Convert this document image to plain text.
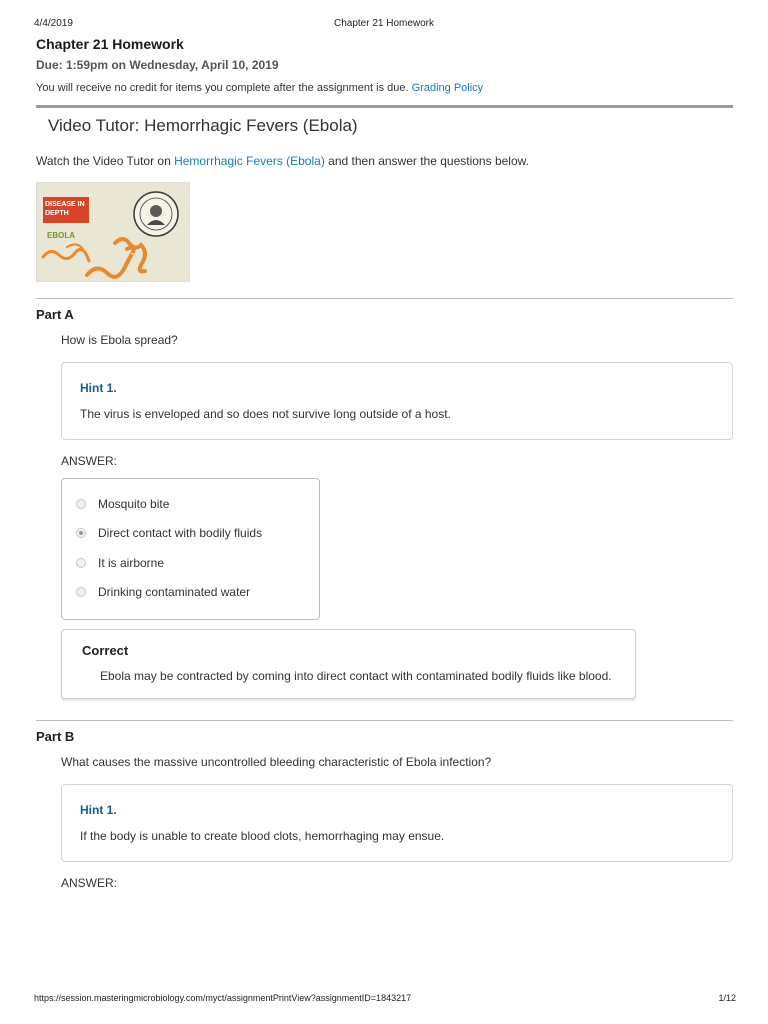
4/4/2019	Chapter 21 Homework
Chapter 21 Homework
Due: 1:59pm on Wednesday, April 10, 2019
You will receive no credit for items you complete after the assignment is due. Grading Policy
Video Tutor: Hemorrhagic Fevers (Ebola)
Watch the Video Tutor on Hemorrhagic Fevers (Ebola) and then answer the questions below.
DISEASE IN DEPTH
EBOLA
Part A
How is Ebola spread?
Hint 1.
The virus is enveloped and so does not survive long outside of a host.
ANSWER:
Mosquito bite
Direct contact with bodily fluids
It is airborne
Drinking contaminated water
Correct
Ebola may be contracted by coming into direct contact with contaminated bodily fluids like blood.
Part B
What causes the massive uncontrolled bleeding characteristic of Ebola infection?
Hint 1.
If the body is unable to create blood clots, hemorrhaging may ensue.
ANSWER:
https://session.masteringmicrobiology.com/myct/assignmentPrintView?assignmentID=1843217	1/12
